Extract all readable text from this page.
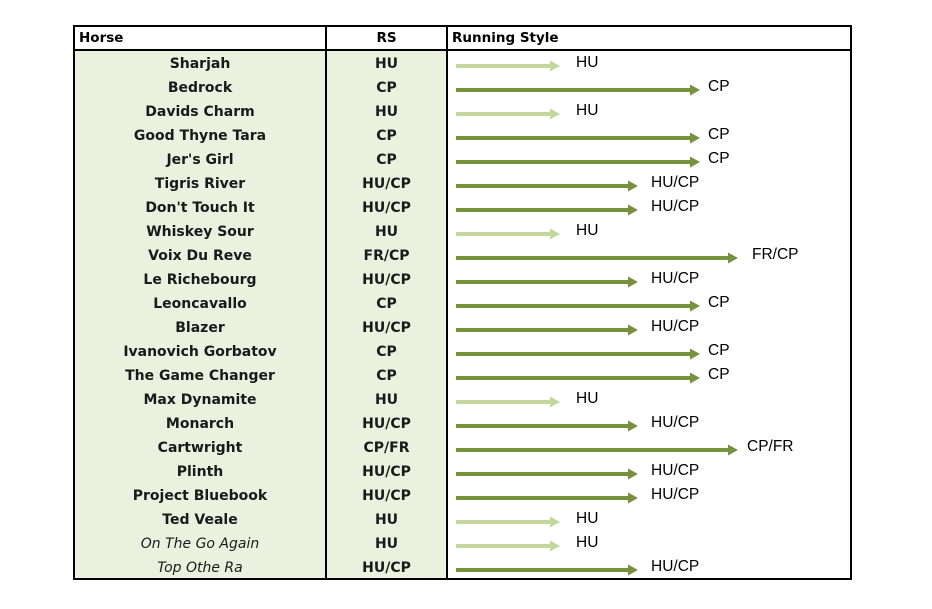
Horse	RS	Running Style
Sharjah	HU	HU
Bedrock	CP	CP
Davids Charm	HU	HU
Good Thyne Tara	CP	CP
Jer's Girl	CP	CP
Tigris River	HU/CP	HU/CP
Don't Touch It	HU/CP	HU/CP
Whiskey Sour	HU	HU
Voix Du Reve	FR/CP	FR/CP
Le Richebourg	HU/CP	HU/CP
Leoncavallo	CP	CP
Blazer	HU/CP	HU/CP
Ivanovich Gorbatov	CP	CP
The Game Changer	CP	CP
Max Dynamite	HU	HU
Monarch	HU/CP	HU/CP
Cartwright	CP/FR	CP/FR
Plinth	HU/CP	HU/CP
Project Bluebook	HU/CP	HU/CP
Ted Veale	HU	HU
On The Go Again	HU	HU
Top Othe Ra	HU/CP	HU/CP
